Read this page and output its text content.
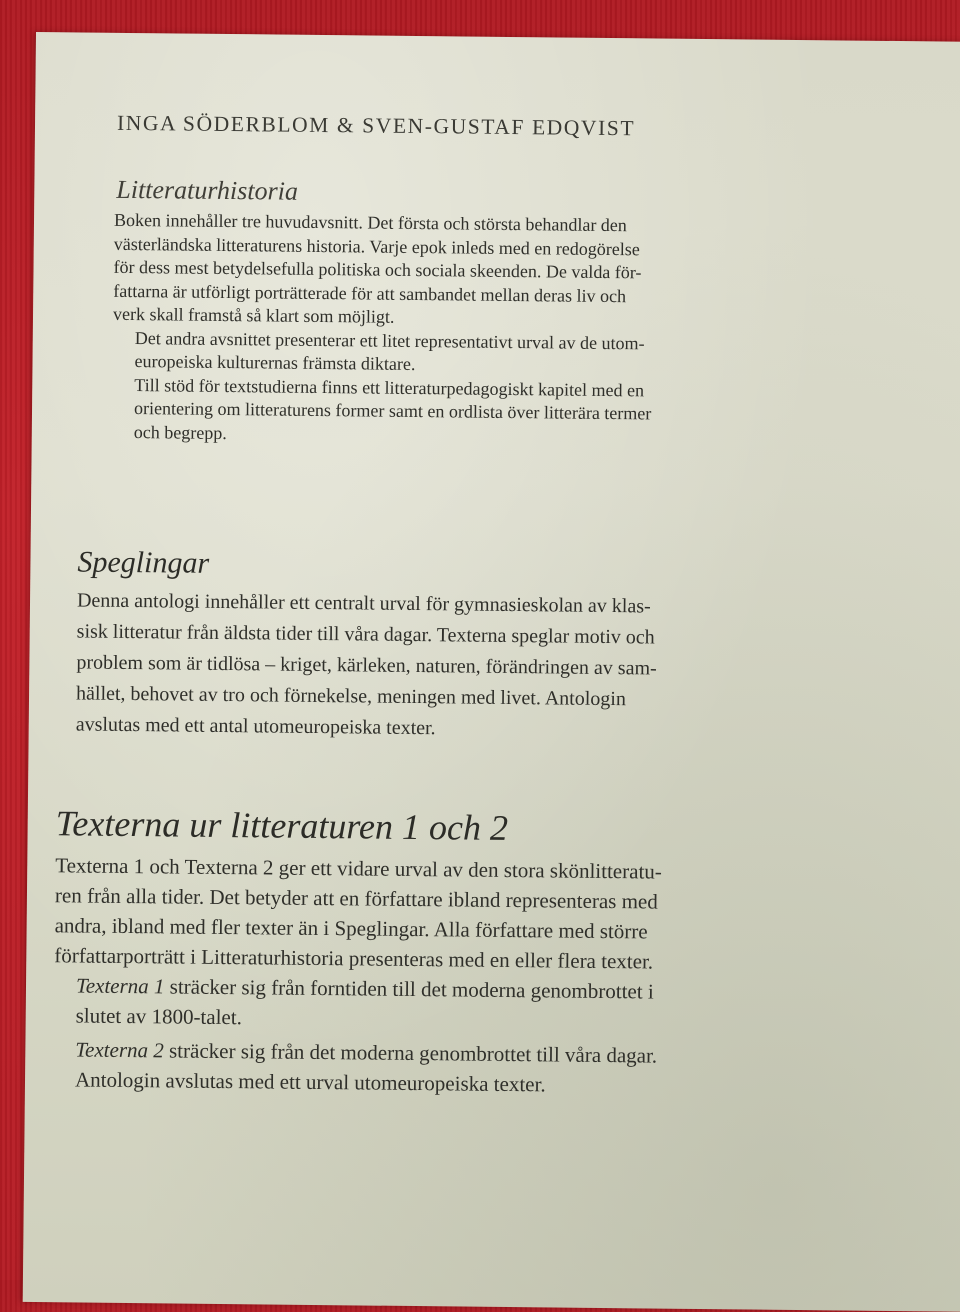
INGA SÖDERBLOM & SVEN-GUSTAF EDQVIST
Litteraturhistoria

Boken innehåller tre huvudavsnitt. Det första och största behandlar den
västerländska litteraturens historia. Varje epok inleds med en redogörelse
för dess mest betydelsefulla politiska och sociala skeenden. De valda för-
fattarna är utförligt porträtterade för att sambandet mellan deras liv och
verk skall framstå så klart som möjligt.

Det andra avsnittet presenterar ett litet representativt urval av de utom-
europeiska kulturernas främsta diktare.

Till stöd för textstudierna finns ett litteraturpedagogiskt kapitel med en
orientering om litteraturens former samt en ordlista över litterära termer
och begrepp.

Speglingar

Denna antologi innehåller ett centralt urval för gymnasieskolan av klas-
sisk litteratur från äldsta tider till våra dagar. Texterna speglar motiv och
problem som är tidlösa – kriget, kärleken, naturen, förändringen av sam-
hället, behovet av tro och förnekelse, meningen med livet. Antologin
avslutas med ett antal utomeuropeiska texter.

Texterna ur litteraturen 1 och 2

Texterna 1 och Texterna 2 ger ett vidare urval av den stora skönlitteratu-
ren från alla tider. Det betyder att en författare ibland representeras med
andra, ibland med fler texter än i Speglingar. Alla författare med större
författarporträtt i Litteraturhistoria presenteras med en eller flera texter.

Texterna 1 sträcker sig från forntiden till det moderna genombrottet i
slutet av 1800-talet.

Texterna 2 sträcker sig från det moderna genombrottet till våra dagar.
Antologin avslutas med ett urval utomeuropeiska texter.
